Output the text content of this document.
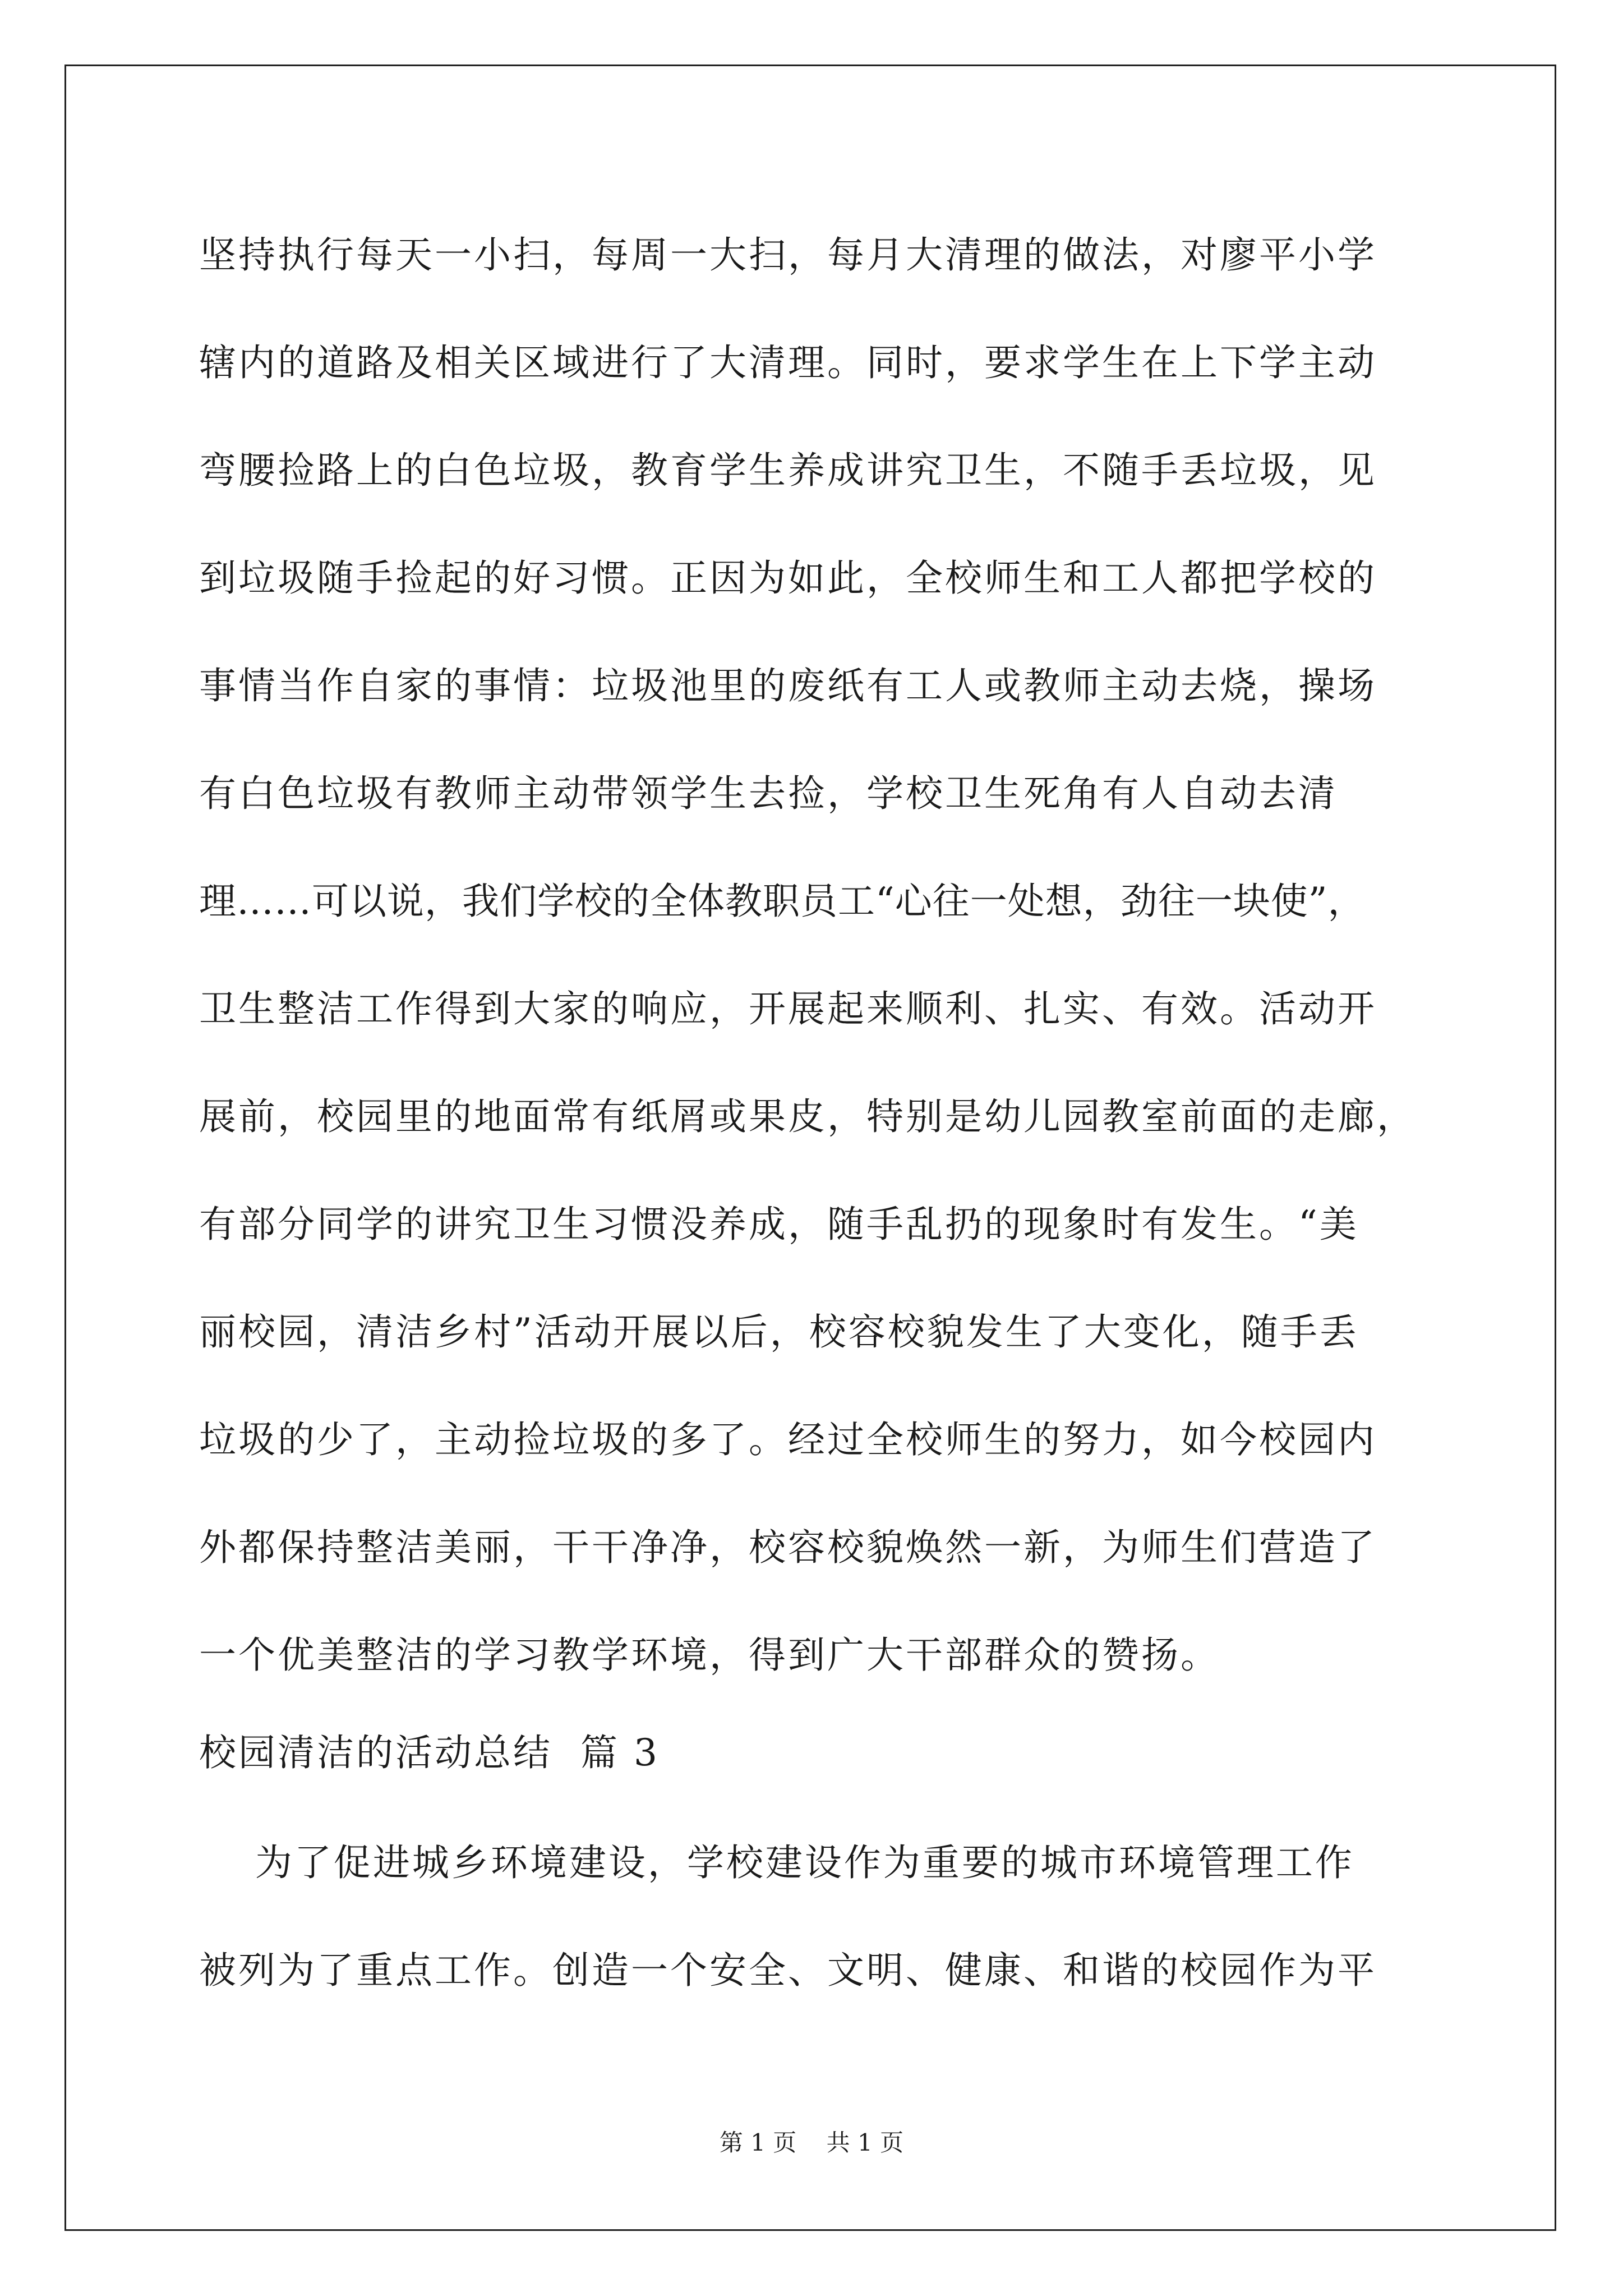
坚持执行每天一小扫，每周一大扫，每月大清理的做法，对廖平小学
辖内的道路及相关区域进行了大清理。同时，要求学生在上下学主动
弯腰捡路上的白色垃圾，教育学生养成讲究卫生，不随手丢垃圾，见
到垃圾随手捡起的好习惯。正因为如此，全校师生和工人都把学校的
事情当作自家的事情：垃圾池里的废纸有工人或教师主动去烧，操场
有白色垃圾有教师主动带领学生去捡，学校卫生死角有人自动去清
理……可以说，我们学校的全体教职员工“心往一处想，劲往一块使”，
卫生整洁工作得到大家的响应，开展起来顺利、扎实、有效。活动开
展前，校园里的地面常有纸屑或果皮，特别是幼儿园教室前面的走廊，
有部分同学的讲究卫生习惯没养成，随手乱扔的现象时有发生。“美
丽校园，清洁乡村”活动开展以后，校容校貌发生了大变化，随手丢
垃圾的少了，主动捡垃圾的多了。经过全校师生的努力，如今校园内
外都保持整洁美丽，干干净净，校容校貌焕然一新，为师生们营造了
一个优美整洁的学习教学环境，得到广大干部群众的赞扬。
校园清洁的活动总结  篇 3
为了促进城乡环境建设，学校建设作为重要的城市环境管理工作
被列为了重点工作。创造一个安全、文明、健康、和谐的校园作为平
第 1 页 共 1 页
